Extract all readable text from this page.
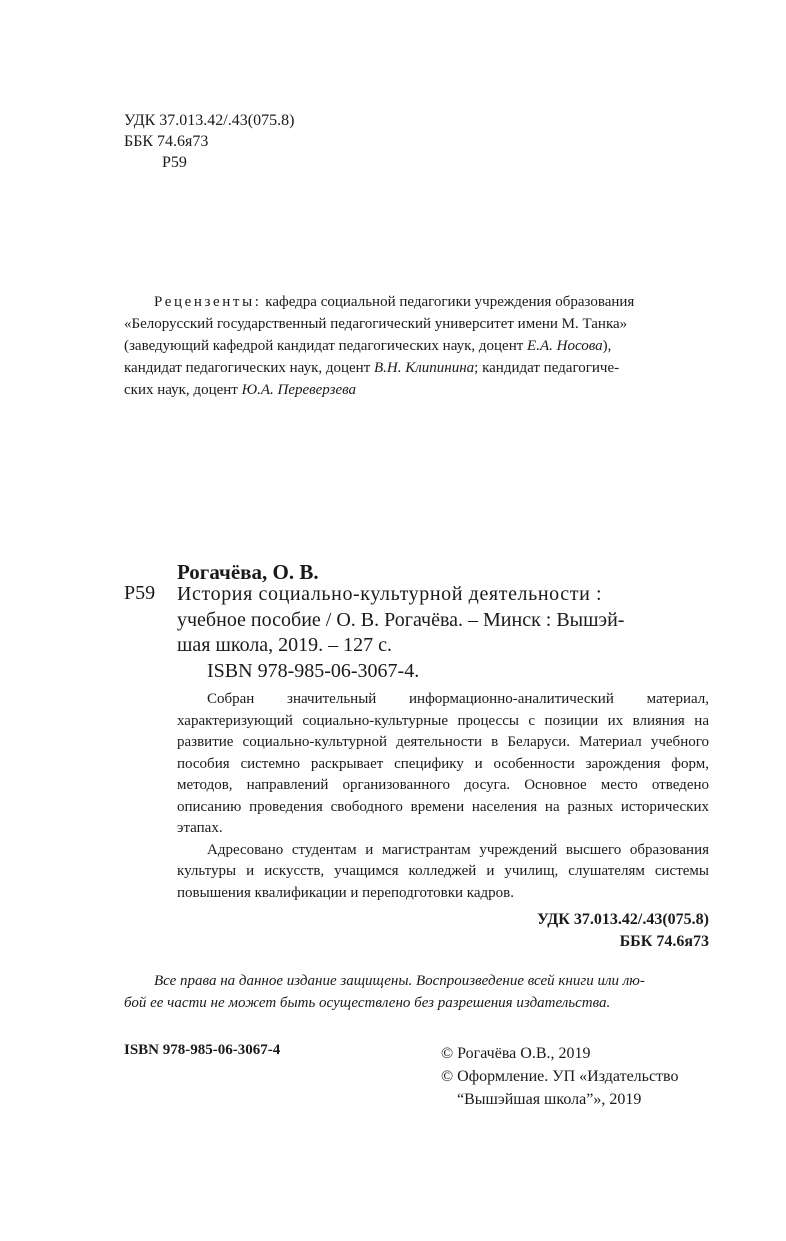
УДК 37.013.42/.43(075.8)
ББК 74.6я73
Р59
Рецензенты: кафедра социальной педагогики учреждения образования
«Белорусский государственный педагогический университет имени М. Танка»
(заведующий кафедрой кандидат педагогических наук, доцент Е.А. Носова),
кандидат педагогических наук, доцент В.Н. Клипинина; кандидат педагогиче-
ских наук, доцент Ю.А. Переверзева
Рогачёва, О. В.
Р59 История социально-культурной деятельности :
учебное пособие / О. В. Рогачёва. – Минск : Вышэй-
шая школа, 2019. – 127 с.
ISBN 978-985-06-3067-4.
Собран значительный информационно-аналитический материал, характеризующий социально-культурные процессы с позиции их влияния на развитие социально-культурной деятельности в Беларуси. Материал учебного пособия системно раскрывает специфику и особенности зарождения форм, методов, направлений организованного досуга. Основное место отведено описанию проведения свободного времени населения на разных исторических этапах.
Адресовано студентам и магистрантам учреждений высшего образования культуры и искусств, учащимся колледжей и училищ, слушателям системы повышения квалификации и переподготовки кадров.
УДК 37.013.42/.43(075.8)
ББК 74.6я73
Все права на данное издание защищены. Воспроизведение всей книги или лю-
бой ее части не может быть осуществлено без разрешения издательства.
ISBN 978-985-06-3067-4	© Рогачёва О.В., 2019
© Оформление. УП «Издательство
“Вышэйшая школа”», 2019
